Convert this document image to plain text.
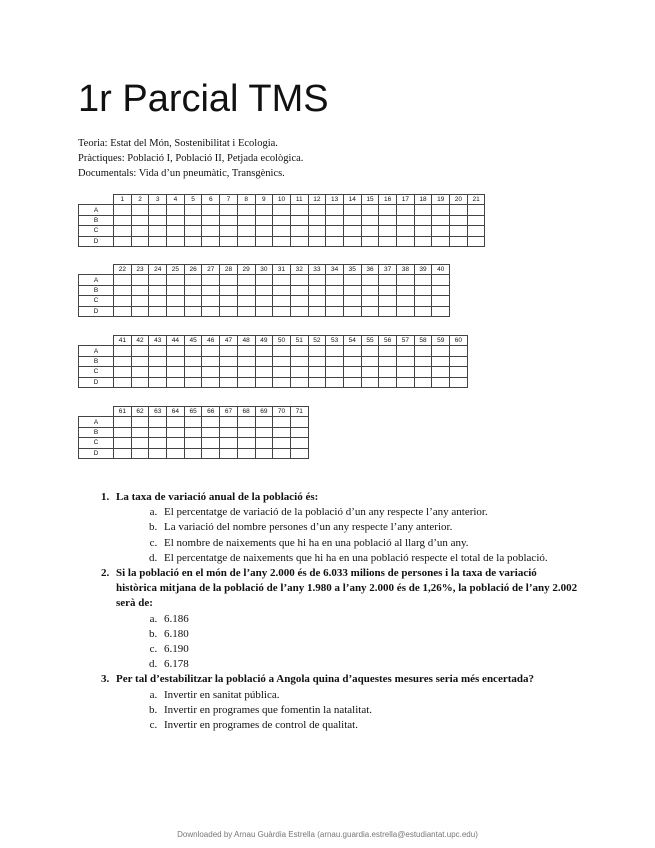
1r Parcial TMS
Teoria: Estat del Món, Sostenibilitat i Ecologia.
Pràctiques: Població I, Població II, Petjada ecològica.
Documentals: Vida d’un pneumàtic, Transgènics.
	1	2	3	4	5	6	7	8	9	10	11	12	13	14	15	16	17	18	19	20	21
A																					
B																					
C																					
D																					
	22	23	24	25	26	27	28	29	30	31	32	33	34	35	36	37	38	39	40
A																			
B																			
C																			
D																			
	41	42	43	44	45	46	47	48	49	50	51	52	53	54	55	56	57	58	59	60
A																				
B																				
C																				
D																				
	61	62	63	64	65	66	67	68	69	70	71
A											
B											
C											
D											
1. La taxa de variació anual de la població és:
a. El percentatge de variació de la població d’un any respecte l’any anterior.
b. La variació del nombre persones d’un any respecte l’any anterior.
c. El nombre de naixements que hi ha en una població al llarg d’un any.
d. El percentatge de naixements que hi ha en una població respecte el total de la població.
2. Si la població en el món de l’any 2.000 és de 6.033 milions de persones i la taxa de variació històrica mitjana de la població de l’any 1.980 a l’any 2.000 és de 1,26%, la població de l’any 2.002 serà de:
a. 6.186
b. 6.180
c. 6.190
d. 6.178
3. Per tal d’estabilitzar la població a Angola quina d’aquestes mesures seria més encertada?
a. Invertir en sanitat pública.
b. Invertir en programes que fomentin la natalitat.
c. Invertir en programes de control de qualitat.
Downloaded by Arnau Guàrdia Estrella (arnau.guardia.estrella@estudiantat.upc.edu)
